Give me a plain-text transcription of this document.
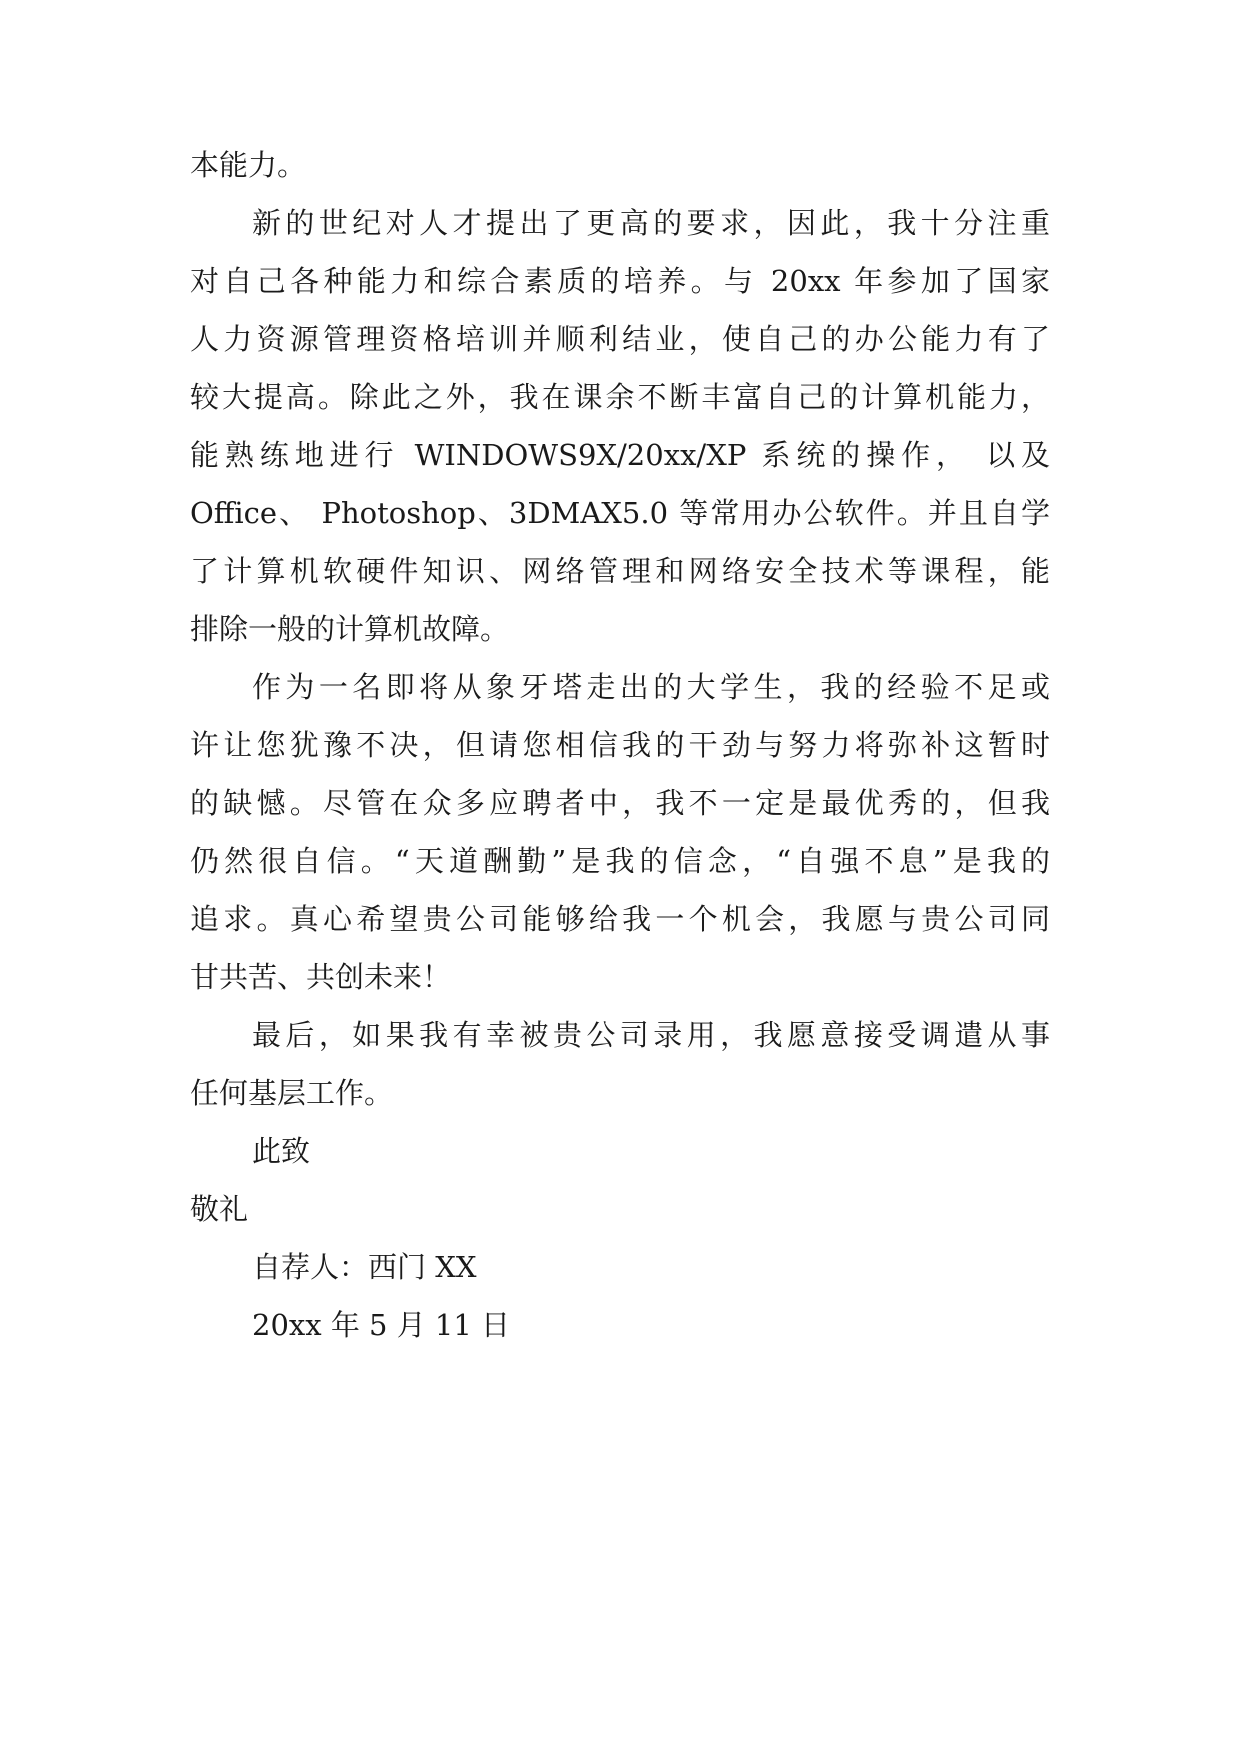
本能力。
新的世纪对人才提出了更高的要求，因此，我十分注重
对自己各种能力和综合素质的培养。与 20xx 年参加了国家
人力资源管理资格培训并顺利结业，使自己的办公能力有了
较大提高。除此之外，我在课余不断丰富自己的计算机能力，
能熟练地进行 WINDOWS9X/20xx/XP 系统的操作， 以及
Office、 Photoshop、3DMAX5.0 等常用办公软件。并且自学
了计算机软硬件知识、网络管理和网络安全技术等课程，能
排除一般的计算机故障。
作为一名即将从象牙塔走出的大学生，我的经验不足或
许让您犹豫不决，但请您相信我的干劲与努力将弥补这暂时
的缺憾。尽管在众多应聘者中，我不一定是最优秀的，但我
仍然很自信。“天道酬勤”是我的信念，“自强不息”是我的
追求。真心希望贵公司能够给我一个机会，我愿与贵公司同
甘共苦、共创未来！
最后，如果我有幸被贵公司录用，我愿意接受调遣从事
任何基层工作。
此致
敬礼
自荐人：西门 XX
20xx 年 5 月 11 日
